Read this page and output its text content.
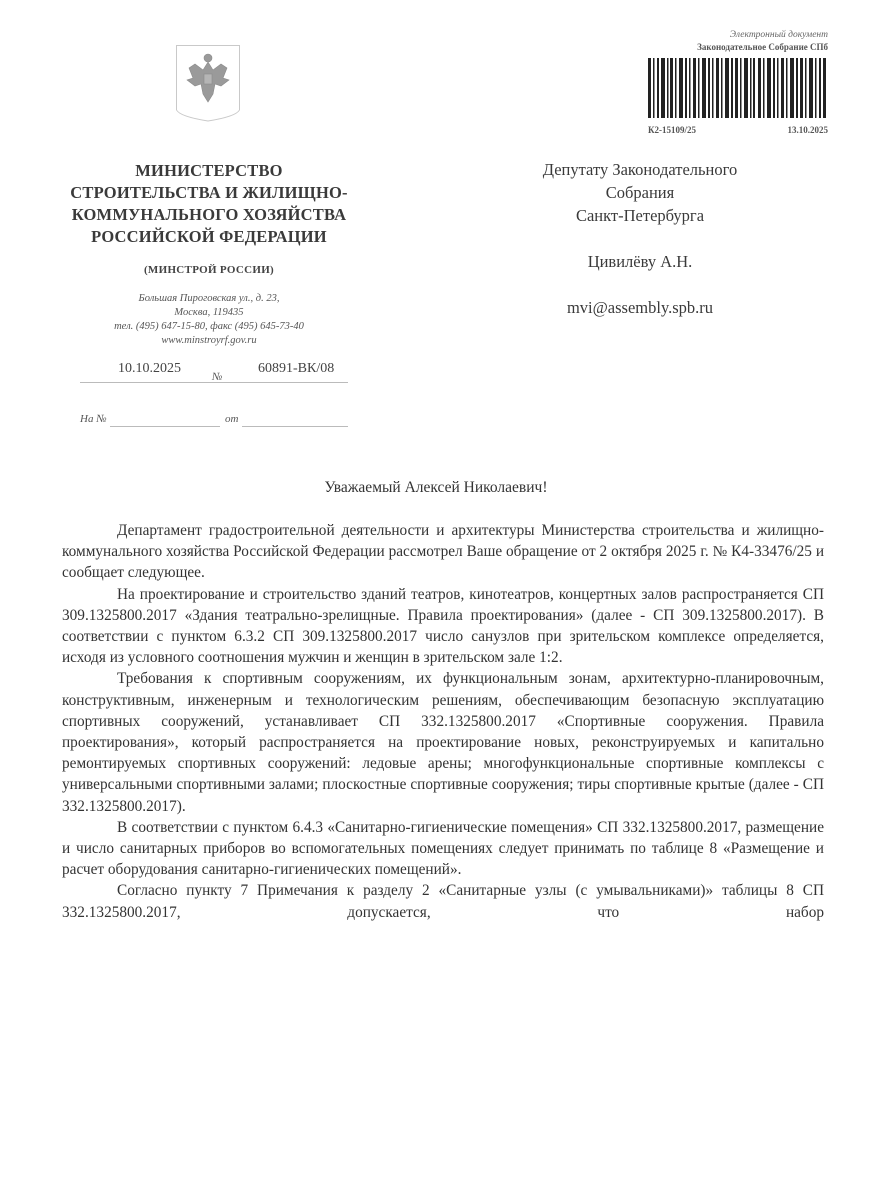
МИНИСТЕРСТВО
СТРОИТЕЛЬСТВА И ЖИЛИЩНО-
КОММУНАЛЬНОГО ХОЗЯЙСТВА
РОССИЙСКОЙ ФЕДЕРАЦИИ
(МИНСТРОЙ РОССИИ)
Большая Пироговская ул., д. 23,
Москва, 119435
тел. (495) 647-15-80, факс (495) 645-73-40
www.minstroyrf.gov.ru
10.10.2025
№
60891-ВК/08
На №	от
Электронный документ
Законодательное Собрание СПб
К2-15109/25	13.10.2025
Депутату Законодательного
Собрания
Санкт-Петербурга
Цивилёву А.Н.
mvi@assembly.spb.ru
Уважаемый Алексей Николаевич!

Департамент градостроительной деятельности и архитектуры Министерства строительства и жилищно-коммунального хозяйства Российской Федерации рассмотрел Ваше обращение от 2 октября 2025 г. № К4-33476/25 и сообщает следующее.

На проектирование и строительство зданий театров, кинотеатров, концертных залов распространяется СП 309.1325800.2017 «Здания театрально-зрелищные. Правила проектирования» (далее - СП 309.1325800.2017). В соответствии с пунктом 6.3.2 СП 309.1325800.2017 число санузлов при зрительском комплексе определяется, исходя из условного соотношения мужчин и женщин в зрительском зале 1:2.

Требования к спортивным сооружениям, их функциональным зонам, архитектурно-планировочным, конструктивным, инженерным и технологическим решениям, обеспечивающим безопасную эксплуатацию спортивных сооружений, устанавливает СП 332.1325800.2017 «Спортивные сооружения. Правила проектирования», который распространяется на проектирование новых, реконструируемых и капитально ремонтируемых спортивных сооружений: ледовые арены; многофункциональные спортивные комплексы с универсальными спортивными залами; плоскостные спортивные сооружения; тиры спортивные крытые (далее - СП 332.1325800.2017).

В соответствии с пунктом 6.4.3 «Санитарно-гигиенические помещения» СП 332.1325800.2017, размещение и число санитарных приборов во вспомогательных помещениях следует принимать по таблице 8 «Размещение и расчет оборудования санитарно-гигиенических помещений».

Согласно пункту 7 Примечания к разделу 2 «Санитарные узлы (с умывальниками)» таблицы 8 СП 332.1325800.2017, допускается, что набор
